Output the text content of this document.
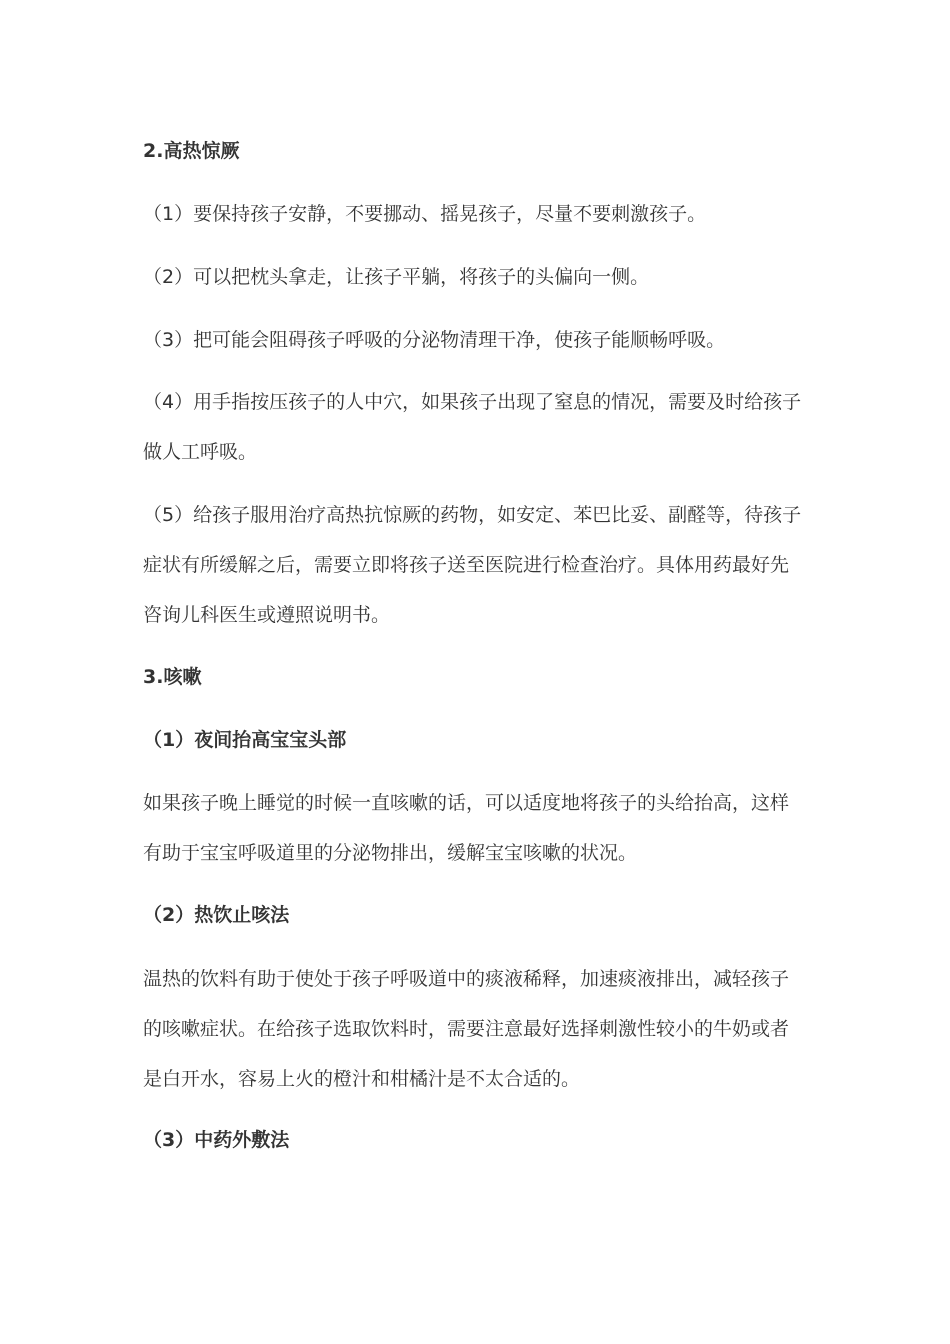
2.高热惊厥
（1）要保持孩子安静，不要挪动、摇晃孩子，尽量不要刺激孩子。
（2）可以把枕头拿走，让孩子平躺，将孩子的头偏向一侧。
（3）把可能会阻碍孩子呼吸的分泌物清理干净，使孩子能顺畅呼吸。
（4）用手指按压孩子的人中穴，如果孩子出现了窒息的情况，需要及时给孩子
做人工呼吸。
（5）给孩子服用治疗高热抗惊厥的药物，如安定、苯巴比妥、副醛等，待孩子
症状有所缓解之后，需要立即将孩子送至医院进行检查治疗。具体用药最好先
咨询儿科医生或遵照说明书。
3.咳嗽
（1）夜间抬高宝宝头部
如果孩子晚上睡觉的时候一直咳嗽的话，可以适度地将孩子的头给抬高，这样
有助于宝宝呼吸道里的分泌物排出，缓解宝宝咳嗽的状况。
（2）热饮止咳法
温热的饮料有助于使处于孩子呼吸道中的痰液稀释，加速痰液排出，减轻孩子
的咳嗽症状。在给孩子选取饮料时，需要注意最好选择刺激性较小的牛奶或者
是白开水，容易上火的橙汁和柑橘汁是不太合适的。
（3）中药外敷法
